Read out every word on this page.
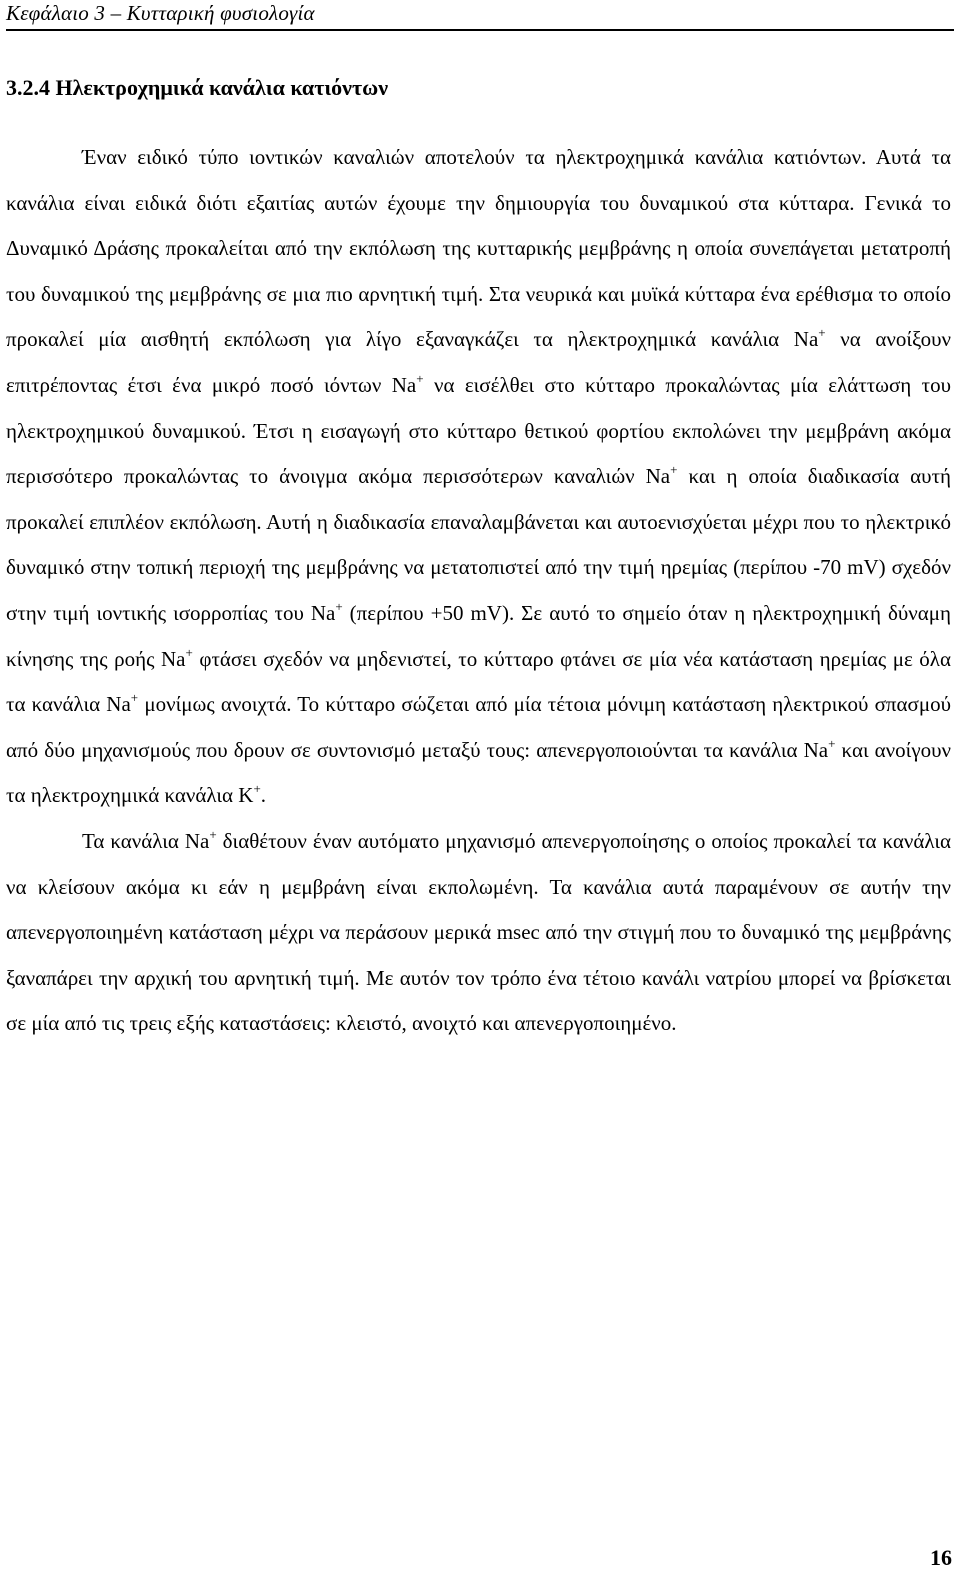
Κεφάλαιο 3 – Κυτταρική φυσιολογία
3.2.4 Ηλεκτροχημικά κανάλια κατιόντων

Έναν ειδικό τύπο ιοντικών καναλιών αποτελούν τα ηλεκτροχημικά κανάλια κατιόντων. Αυτά τα κανάλια είναι ειδικά διότι εξαιτίας αυτών έχουμε την δημιουργία του δυναμικού στα κύτταρα. Γενικά το Δυναμικό Δράσης προκαλείται από την εκπόλωση της κυτταρικής μεμβράνης η οποία συνεπάγεται μετατροπή του δυναμικού της μεμβράνης σε μια πιο αρνητική τιμή. Στα νευρικά και μυϊκά κύτταρα ένα ερέθισμα το οποίο προκαλεί μία αισθητή εκπόλωση για λίγο εξαναγκάζει τα ηλεκτροχημικά κανάλια Na+ να ανοίξουν επιτρέποντας έτσι ένα μικρό ποσό ιόντων Na+ να εισέλθει στο κύτταρο προκαλώντας μία ελάττωση του ηλεκτροχημικού δυναμικού. Έτσι η εισαγωγή στο κύτταρο θετικού φορτίου εκπολώνει την μεμβράνη ακόμα περισσότερο προκαλώντας το άνοιγμα ακόμα περισσότερων καναλιών Na+ και η οποία διαδικασία αυτή προκαλεί επιπλέον εκπόλωση. Αυτή η διαδικασία επαναλαμβάνεται και αυτοενισχύεται μέχρι που το ηλεκτρικό δυναμικό στην τοπική περιοχή της μεμβράνης να μετατοπιστεί από την τιμή ηρεμίας (περίπου -70 mV) σχεδόν στην τιμή ιοντικής ισορροπίας του Na+ (περίπου +50 mV). Σε αυτό το σημείο όταν η ηλεκτροχημική δύναμη κίνησης της ροής Na+ φτάσει σχεδόν να μηδενιστεί, το κύτταρο φτάνει σε μία νέα κατάσταση ηρεμίας με όλα τα κανάλια Na+ μονίμως ανοιχτά. Το κύτταρο σώζεται από μία τέτοια μόνιμη κατάσταση ηλεκτρικού σπασμού από δύο μηχανισμούς που δρουν σε συντονισμό μεταξύ τους: απενεργοποιούνται τα κανάλια Na+ και ανοίγουν τα ηλεκτροχημικά κανάλια K+.

Τα κανάλια Na+ διαθέτουν έναν αυτόματο μηχανισμό απενεργοποίησης ο οποίος προκαλεί τα κανάλια να κλείσουν ακόμα κι εάν η μεμβράνη είναι εκπολωμένη. Τα κανάλια αυτά παραμένουν σε αυτήν την απενεργοποιημένη κατάσταση μέχρι να περάσουν μερικά msec από την στιγμή που το δυναμικό της μεμβράνης ξαναπάρει την αρχική του αρνητική τιμή. Με αυτόν τον τρόπο ένα τέτοιο κανάλι νατρίου μπορεί να βρίσκεται σε μία από τις τρεις εξής καταστάσεις: κλειστό, ανοιχτό και απενεργοποιημένο.

16
